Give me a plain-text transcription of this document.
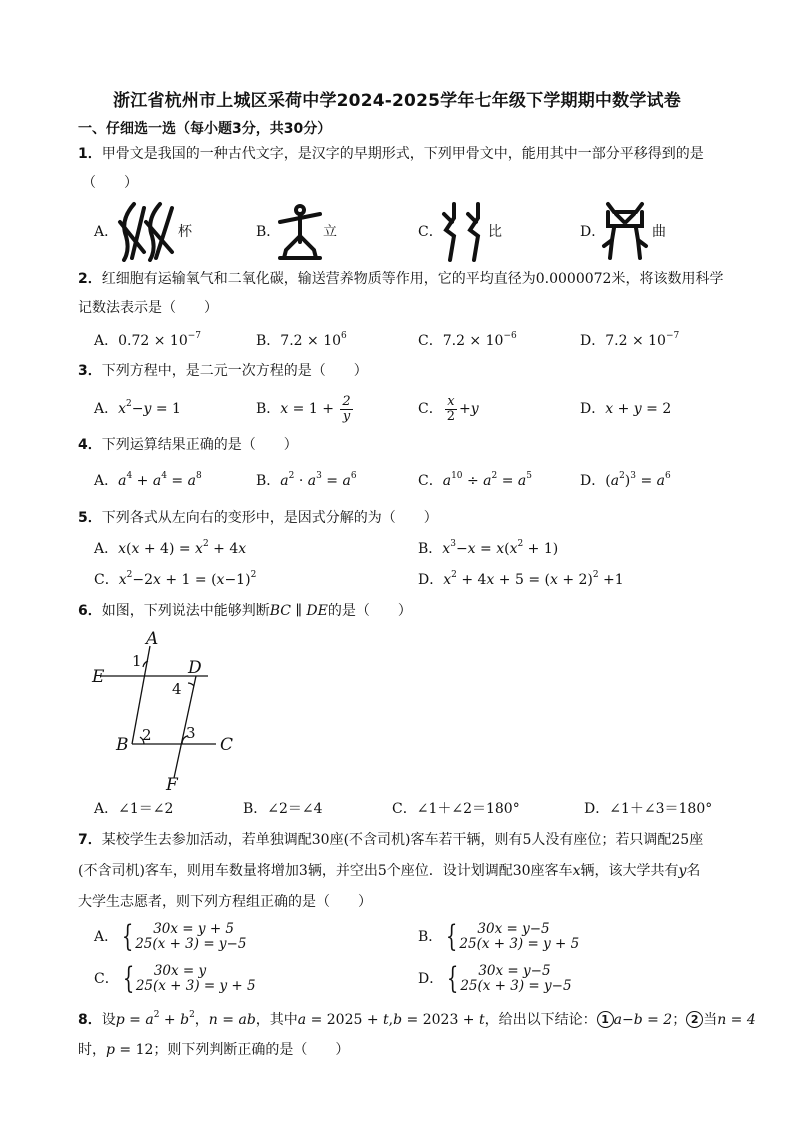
浙江省杭州市上城区采荷中学2024-2025学年七年级下学期期中数学试卷
一、仔细选一选（每小题3分，共30分）
1．甲骨文是我国的一种古代文字，是汉字的早期形式，下列甲骨文中，能用其中一部分平移得到的是
（　　）
A．	杯	B．	立	C．	比	D．	曲
2．红细胞有运输氧气和二氧化碳，输送营养物质等作用，它的平均直径为0.0000072米，将该数用科学
记数法表示是（　　）
A．$0.72 \times 10^{-7}$	B．$7.2 \times 10^6$	C．$7.2 \times 10^{-6}$	D．$7.2 \times 10^{-7}$
3．下列方程中，是二元一次方程的是（　　）
A．$x^2-y = 1$	B．$x = 1 + \frac{2}{y}$	C． $\frac{x}{2} +y$	D．x + y = 2
4．下列运算结果正确的是（　　）
A．$a^4 + a^4 = a^8$	B．$a^2 \cdot a^3 = a^6$	C．$a^{10} \div a^2 = a^5$	D．$(a^2)^3 = a^6$
5．下列各式从左向右的变形中，是因式分解的为（　　）
A．$x(x + 4) = x^2 + 4x$	B．$x^3-x = x(x^2 + 1)$
C．$x^2-2x + 1 = (x-1)^2$	D．$x^2 + 4x + 5 = (x + 2)^2 +1$
6．如图，下列说法中能够判断BC ∥ DE的是（　　）
A
E	D
B	C
F
1
2 3
4
A．∠1＝∠2	B．∠2＝∠4	C．∠1＋∠2＝180°	D．∠1＋∠3＝180°
7．某校学生去参加活动，若单独调配30座(不含司机)客车若干辆，则有5人没有座位；若只调配25座
(不含司机)客车，则用车数量将增加3辆，并空出5个座位．设计划调配30座客车x辆，该大学共有y名
大学生志愿者，则下列方程组正确的是（　　）
A． {	30x = y + 5
25(x + 3) = y−5	B． {	30x = y−5
25(x + 3) = y + 5
C． {	30x = y
25(x + 3) = y + 5	D． {	30x = y−5
25(x + 3) = y−5
8．设$p = a^2 + b^2$，n = ab，其中a = 2025 + t,b = 2023 + t，给出以下结论： 1 a−b = 2； 2 当n = 4
时，p = 12；则下列判断正确的是（　　）
